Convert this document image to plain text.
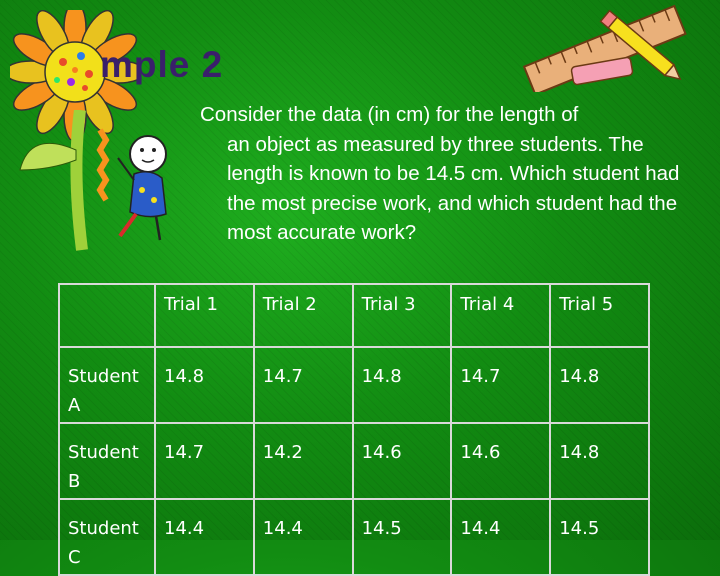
mple 2
Consider the data (in cm) for the length of
an object as measured by three students. The length is known to be 14.5 cm. Which student had the most precise work, and which student had the most accurate work?
	Trial 1	Trial 2	Trial 3	Trial 4	Trial 5
Student A	14.8	14.7	14.8	14.7	14.8
Student B	14.7	14.2	14.6	14.6	14.8
Student C	14.4	14.4	14.5	14.4	14.5
